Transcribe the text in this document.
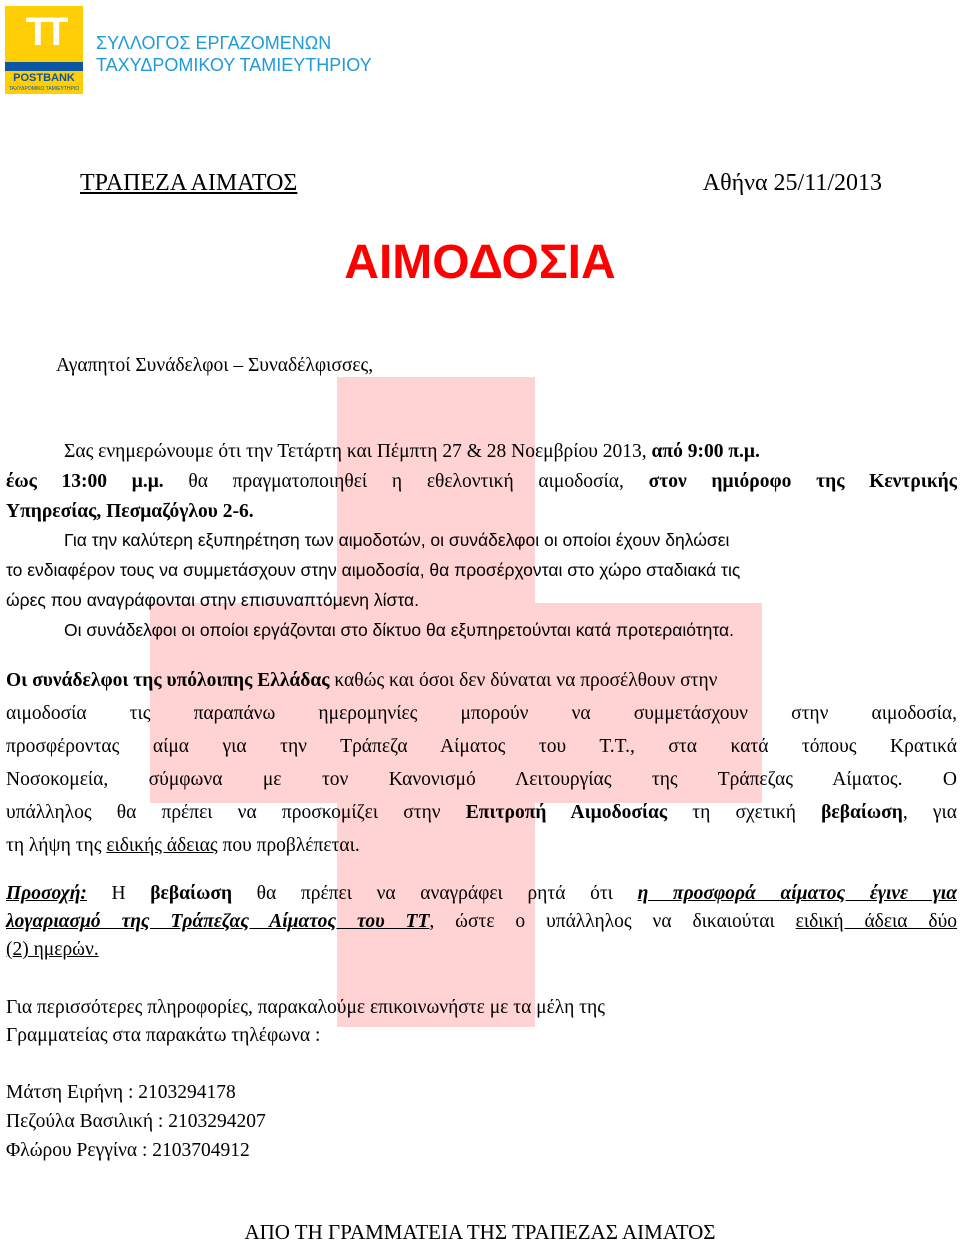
TT
POSTBANK
ΤΑΧΥΔΡΟΜΙΚΟ ΤΑΜΙΕΥΤΗΡΙΟ
ΣΥΛΛΟΓΟΣ ΕΡΓΑΖΟΜΕΝΩΝ
ΤΑΧΥΔΡΟΜΙΚΟΥ ΤΑΜΙΕΥΤΗΡΙΟΥ
ΤΡΑΠΕΖΑ ΑΙΜΑΤΟΣ	Αθήνα 25/11/2013
ΑΙΜΟΔΟΣΙΑ
Αγαπητοί Συνάδελφοι – Συναδέλφισσες,
Σας ενημερώνουμε ότι την Τετάρτη και Πέμπτη 27 & 28 Νοεμβρίου 2013, από 9:00 π.μ.
έως 13:00 μ.μ. θα πραγματοποιηθεί η εθελοντική αιμοδοσία, στον ημιόροφο της Κεντρικής
Υπηρεσίας, Πεσμαζόγλου 2-6.
Για την καλύτερη εξυπηρέτηση των αιμοδοτών, οι συνάδελφοι οι οποίοι έχουν δηλώσει
το ενδιαφέρον τους να συμμετάσχουν στην αιμοδοσία, θα προσέρχονται στο χώρο σταδιακά τις
ώρες που αναγράφονται στην επισυναπτόμενη λίστα.
Οι συνάδελφοι οι οποίοι εργάζονται στο δίκτυο θα εξυπηρετούνται κατά προτεραιότητα.
Οι συνάδελφοι της υπόλοιπης Ελλάδας καθώς και όσοι δεν δύναται να προσέλθουν στην
αιμοδοσία τις παραπάνω ημερομηνίες μπορούν να συμμετάσχουν στην αιμοδοσία,
προσφέροντας αίμα για την Τράπεζα Αίματος του Τ.Τ., στα κατά τόπους Κρατικά
Νοσοκομεία, σύμφωνα με τον Κανονισμό Λειτουργίας της Τράπεζας Αίματος. Ο
υπάλληλος θα πρέπει να προσκομίζει στην Επιτροπή Αιμοδοσίας τη σχετική βεβαίωση, για
τη λήψη της ειδικής άδειας που προβλέπεται.
Προσοχή: Η βεβαίωση θα πρέπει να αναγράφει ρητά ότι η προσφορά αίματος έγινε για
λογαριασμό της Τράπεζας Αίματος του ΤΤ, ώστε ο υπάλληλος να δικαιούται ειδική άδεια δύο
(2) ημερών.
Για περισσότερες πληροφορίες, παρακαλούμε επικοινωνήστε με τα μέλη της
Γραμματείας στα παρακάτω τηλέφωνα :
Μάτση Ειρήνη : 2103294178
Πεζούλα Βασιλική : 2103294207
Φλώρου Ρεγγίνα : 2103704912
ΑΠΟ ΤΗ ΓΡΑΜΜΑΤΕΙΑ ΤΗΣ ΤΡΑΠΕΖΑΣ ΑΙΜΑΤΟΣ
